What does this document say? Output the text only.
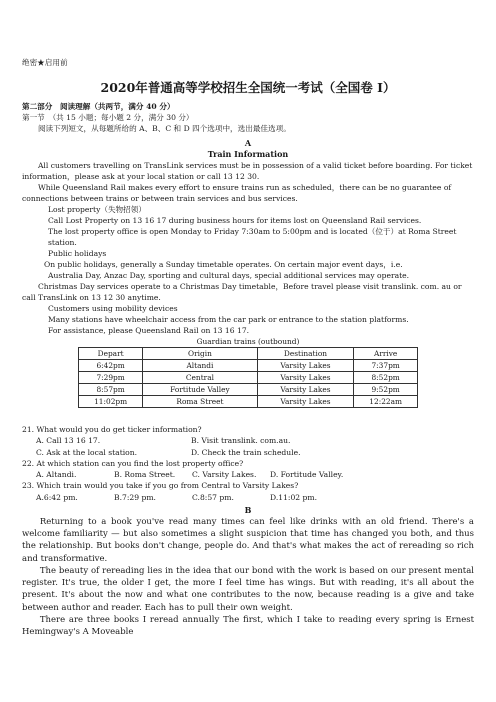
绝密★启用前
2020年普通高等学校招生全国统一考试（全国卷 I）
第二部分　阅读理解（共两节，满分 40 分）
第一节　（共 15 小题；每小题 2 分，满分 30 分）
阅读下列短文，从每题所给的 A、B、C 和 D 四个选项中，选出最佳选项。
A
Train Information

All customers travelling on TransLink services must be in possession of a valid ticket before boarding. For ticket information，please ask at your local station or call 13 12 30.

While Queensland Rail makes every effort to ensure trains run as scheduled，there can be no guarantee of connections between trains or between train services and bus services.

Lost property（失物招领）

Call Lost Property on 13 16 17 during business hours for items lost on Queensland Rail services.

The lost property office is open Monday to Friday 7:30am to 5:00pm and is located（位于）at Roma Street station.

Public holidays

On public holidays, generally a Sunday timetable operates. On certain major event days，i.e.

Australia Day, Anzac Day, sporting and cultural days, special additional services may operate.

Christmas Day services operate to a Christmas Day timetable，Before travel please visit translink. com. au or call TransLink on 13 12 30 anytime.

Customers using mobility devices

Many stations have wheelchair access from the car park or entrance to the station platforms.

For assistance, please Queensland Rail on 13 16 17.

Guardian trains (outbound)
Depart	Origin	Destination	Arrive
6:42pm	Altandi	Varsity Lakes	7:37pm
7:29pm	Central	Varsity Lakes	8:52pm
8:57pm	Fortitude Valley	Varsity Lakes	9:52pm
11:02pm	Roma Street	Varsity Lakes	12:22am
21. What would you do get ticker information?
A. Call 13 16 17.	B. Visit translink. com.au.
C. Ask at the local station.	D. Check the train schedule.
22. At which station can you find the lost property office?
A. Altandi.	B. Roma Street.	C. Varsity Lakes.	D. Fortitude Valley.
23. Which train would you take if you go from Central to Varsity Lakes?
A.6:42 pm.	B.7:29 pm.	C.8:57 pm.	D.11:02 pm.
B

Returning to a book you've read many times can feel like drinks with an old friend. There's a welcome familiarity — but also sometimes a slight suspicion that time has changed you both, and thus the relationship. But books don't change, people do. And that's what makes the act of rereading so rich and transformative.

The beauty of rereading lies in the idea that our bond with the work is based on our present mental register. It's true, the older I get, the more I feel time has wings. But with reading, it's all about the present. It's about the now and what one contributes to the now, because reading is a give and take between author and reader. Each has to pull their own weight.

There are three books I reread annually The first, which I take to reading every spring is Ernest Hemingway's A Moveable
